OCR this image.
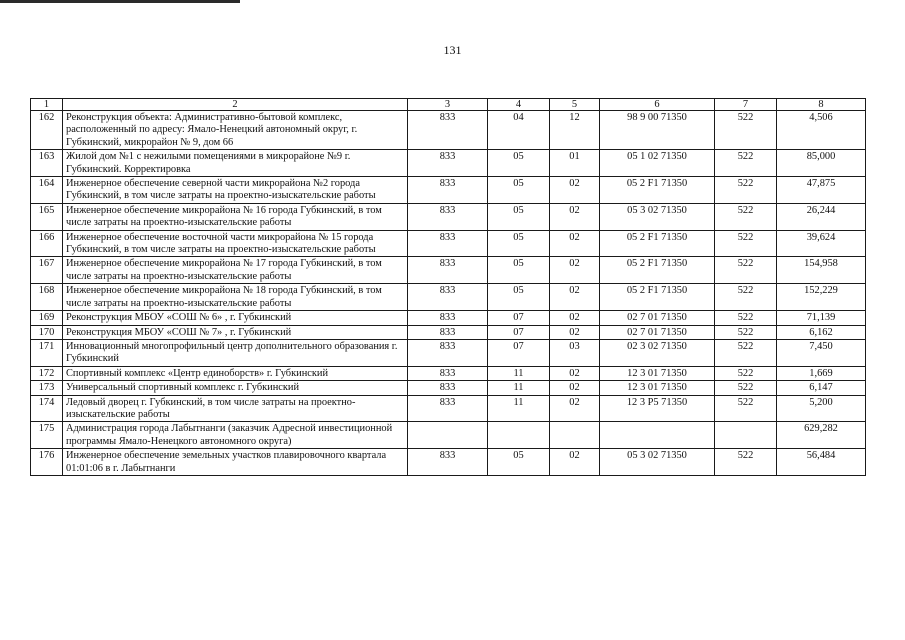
131
1	2	3	4	5	6	7	8
162	Реконструкция объекта: Административно-бытовой комплекс, расположенный по адресу: Ямало-Ненецкий автономный округ, г. Губкинский, микрорайон № 9, дом 66	833	04	12	98 9 00 71350	522	4,506
163	Жилой дом №1 с нежилыми помещениями в микрорайоне №9 г. Губкинский. Корректировка	833	05	01	05 1 02 71350	522	85,000
164	Инженерное обеспечение северной части микрорайона №2 города Губкинский, в том числе затраты на проектно-изыскательские работы	833	05	02	05 2 F1 71350	522	47,875
165	Инженерное обеспечение микрорайона № 16 города Губкинский, в том числе затраты на проектно-изыскательские работы	833	05	02	05 3 02 71350	522	26,244
166	Инженерное обеспечение восточной части микрорайона № 15 города Губкинский, в том числе затраты на проектно-изыскательские работы	833	05	02	05 2 F1 71350	522	39,624
167	Инженерное обеспечение микрорайона № 17 города Губкинский, в том числе затраты на проектно-изыскательские работы	833	05	02	05 2 F1 71350	522	154,958
168	Инженерное обеспечение микрорайона № 18 города Губкинский, в том числе затраты на проектно-изыскательские работы	833	05	02	05 2 F1 71350	522	152,229
169	Реконструкция МБОУ «СОШ № 6» , г. Губкинский	833	07	02	02 7 01 71350	522	71,139
170	Реконструкция МБОУ «СОШ № 7» , г. Губкинский	833	07	02	02 7 01 71350	522	6,162
171	Инновационный многопрофильный центр дополнительного образования г. Губкинский	833	07	03	02 3 02 71350	522	7,450
172	Спортивный комплекс «Центр единоборств» г. Губкинский	833	11	02	12 3 01 71350	522	1,669
173	Универсальный спортивный комплекс г. Губкинский	833	11	02	12 3 01 71350	522	6,147
174	Ледовый дворец г. Губкинский, в том числе затраты на проектно-изыскательские работы	833	11	02	12 3 P5 71350	522	5,200
175	Администрация города Лабытнанги (заказчик Адресной инвестиционной программы Ямало-Ненецкого автономного округа)						629,282
176	Инженерное обеспечение земельных участков плавировочного квартала 01:01:06 в г. Лабытнанги	833	05	02	05 3 02 71350	522	56,484
